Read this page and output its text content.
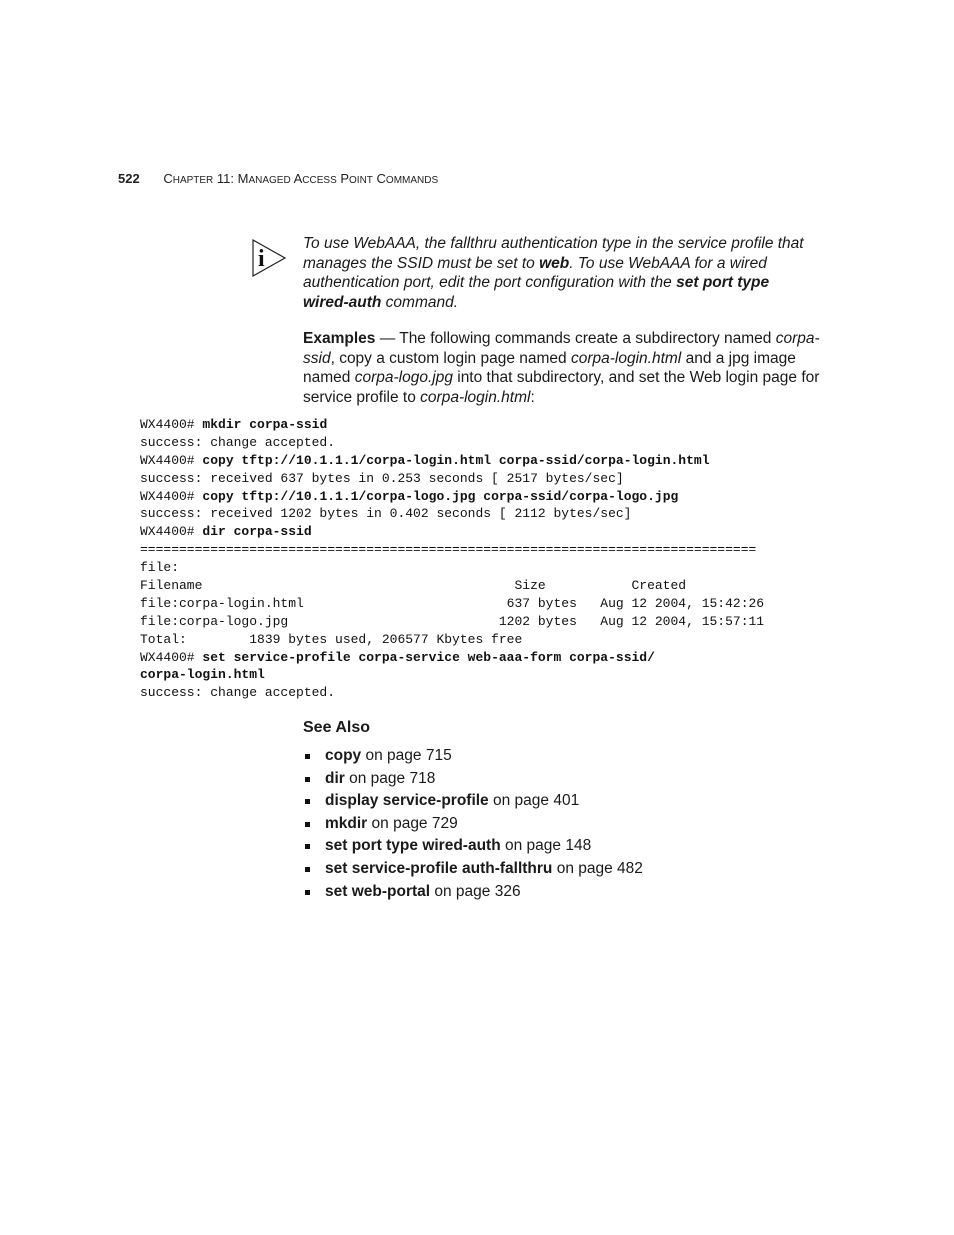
522 CHAPTER 11: MANAGED ACCESS POINT COMMANDS
i
To use WebAAA, the fallthru authentication type in the service profile that manages the SSID must be set to web. To use WebAAA for a wired authentication port, edit the port configuration with the set port type wired-auth command.
Examples — The following commands create a subdirectory named corpa-ssid, copy a custom login page named corpa-login.html and a jpg image named corpa-logo.jpg into that subdirectory, and set the Web login page for service profile to corpa-login.html:
WX4400# mkdir corpa-ssid
success: change accepted.
WX4400# copy tftp://10.1.1.1/corpa-login.html corpa-ssid/corpa-login.html
success: received 637 bytes in 0.253 seconds [ 2517 bytes/sec]
WX4400# copy tftp://10.1.1.1/corpa-logo.jpg corpa-ssid/corpa-logo.jpg
success: received 1202 bytes in 0.402 seconds [ 2112 bytes/sec]
WX4400# dir corpa-ssid
===============================================================================
file:
Filename                                        Size           Created
file:corpa-login.html                          637 bytes   Aug 12 2004, 15:42:26
file:corpa-logo.jpg                           1202 bytes   Aug 12 2004, 15:57:11
Total:        1839 bytes used, 206577 Kbytes free
WX4400# set service-profile corpa-service web-aaa-form corpa-ssid/
corpa-login.html
success: change accepted.
See Also
copy on page 715
dir on page 718
display service-profile on page 401
mkdir on page 729
set port type wired-auth on page 148
set service-profile auth-fallthru on page 482
set web-portal on page 326
